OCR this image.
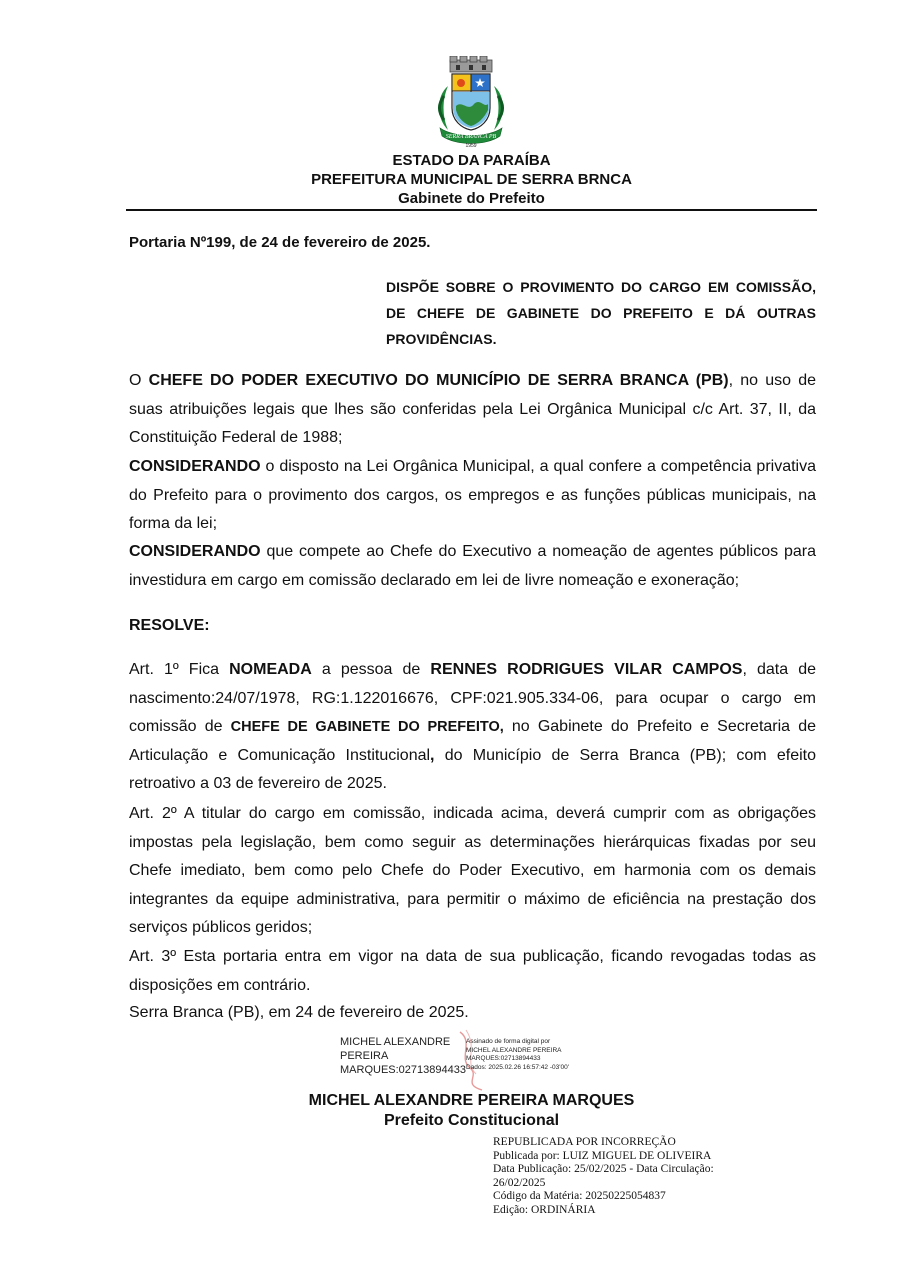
SERRA BRANCA PB
1959
ESTADO DA PARAÍBA
PREFEITURA MUNICIPAL DE SERRA BRNCA
Gabinete do Prefeito
Portaria Nº199, de 24 de fevereiro de 2025.
DISPÕE SOBRE O PROVIMENTO DO CARGO EM COMISSÃO, DE CHEFE DE GABINETE DO PREFEITO E DÁ OUTRAS PROVIDÊNCIAS.

O CHEFE DO PODER EXECUTIVO DO MUNICÍPIO DE SERRA BRANCA (PB), no uso de suas atribuições legais que lhes são conferidas pela Lei Orgânica Municipal c/c Art. 37, II, da Constituição Federal de 1988;

CONSIDERANDO o disposto na Lei Orgânica Municipal, a qual confere a competência privativa do Prefeito para o provimento dos cargos, os empregos e as funções públicas municipais, na forma da lei;

CONSIDERANDO que compete ao Chefe do Executivo a nomeação de agentes públicos para investidura em cargo em comissão declarado em lei de livre nomeação e exoneração;

RESOLVE:

Art. 1º Fica NOMEADA a pessoa de RENNES RODRIGUES VILAR CAMPOS, data de nascimento:24/07/1978, RG:1.122016676, CPF:021.905.334-06, para ocupar o cargo em comissão de CHEFE DE GABINETE DO PREFEITO, no Gabinete do Prefeito e Secretaria de Articulação e Comunicação Institucional, do Município de Serra Branca (PB); com efeito retroativo a 03 de fevereiro de 2025.

Art. 2º A titular do cargo em comissão, indicada acima, deverá cumprir com as obrigações impostas pela legislação, bem como seguir as determinações hierárquicas fixadas por seu Chefe imediato, bem como pelo Chefe do Poder Executivo, em harmonia com os demais integrantes da equipe administrativa, para permitir o máximo de eficiência na prestação dos serviços públicos geridos;

Art. 3º Esta portaria entra em vigor na data de sua publicação, ficando revogadas todas as disposições em contrário.

Serra Branca (PB), em 24 de fevereiro de 2025.
MICHEL ALEXANDRE
PEREIRA
MARQUES:02713894433
Assinado de forma digital por
MICHEL ALEXANDRE PEREIRA
MARQUES:02713894433
Dados: 2025.02.26 16:57:42 -03'00'
MICHEL ALEXANDRE PEREIRA MARQUES
Prefeito Constitucional
REPUBLICADA POR INCORREÇÃO
Publicada por: LUIZ MIGUEL DE OLIVEIRA
Data Publicação: 25/02/2025 - Data Circulação:
26/02/2025
Código da Matéria: 20250225054837
Edição: ORDINÁRIA
